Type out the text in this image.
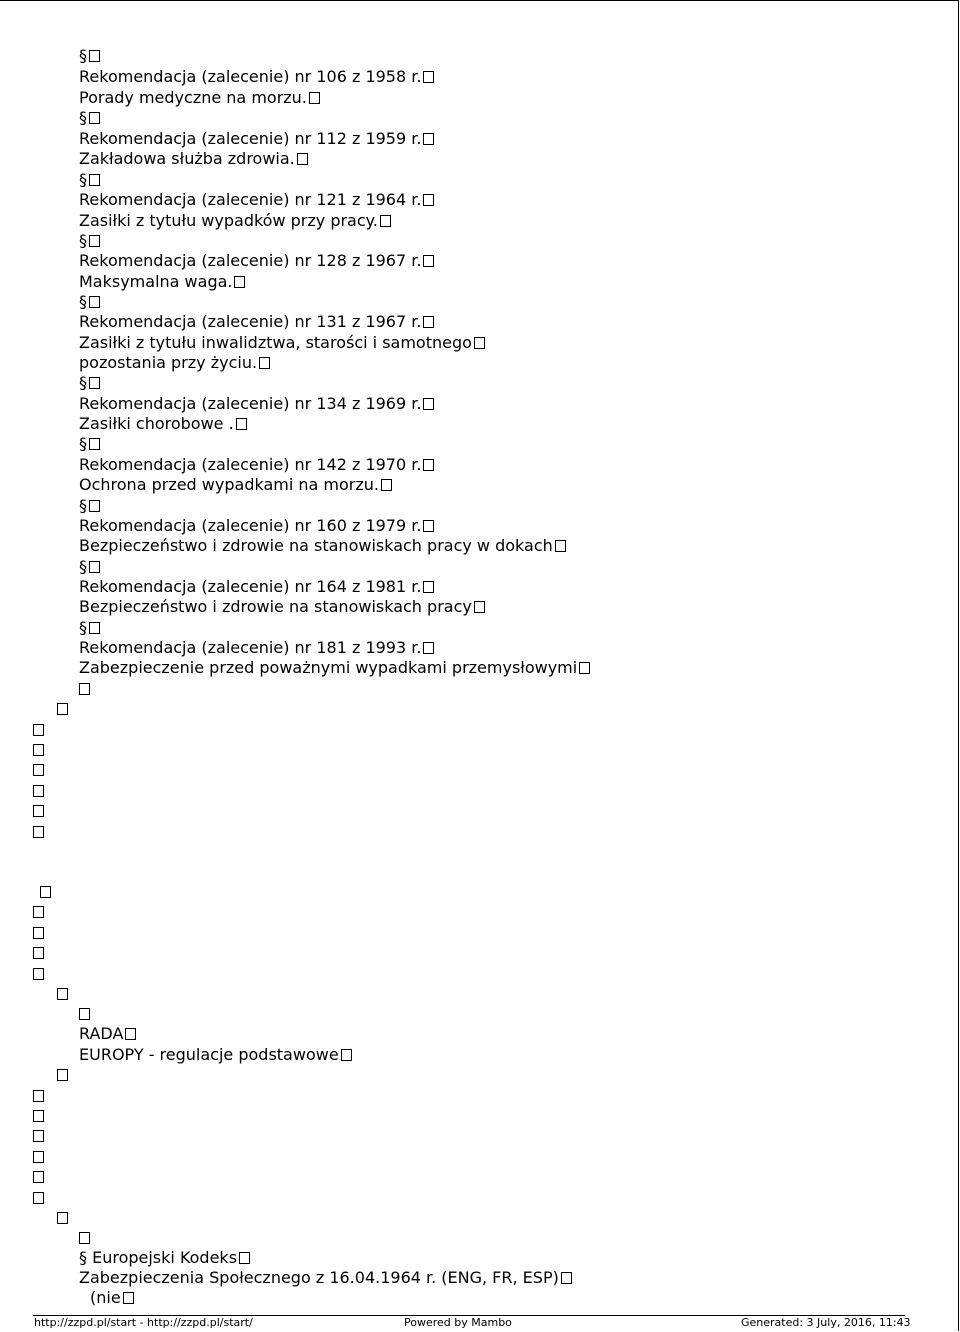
§
Rekomendacja (zalecenie) nr 106 z 1958 r.
Porady medyczne na morzu.
§
Rekomendacja (zalecenie) nr 112 z 1959 r.
Zakładowa służba zdrowia.
§
Rekomendacja (zalecenie) nr 121 z 1964 r.
Zasiłki z tytułu wypadków przy pracy.
§
Rekomendacja (zalecenie) nr 128 z 1967 r.
Maksymalna waga.
§
Rekomendacja (zalecenie) nr 131 z 1967 r.
Zasiłki z tytułu inwalidztwa, starości i samotnego
pozostania przy życiu.
§
Rekomendacja (zalecenie) nr 134 z 1969 r.
Zasiłki chorobowe .
§
Rekomendacja (zalecenie) nr 142 z 1970 r.
Ochrona przed wypadkami na morzu.
§
Rekomendacja (zalecenie) nr 160 z 1979 r.
Bezpieczeństwo i zdrowie na stanowiskach pracy w dokach
§
Rekomendacja (zalecenie) nr 164 z 1981 r.
Bezpieczeństwo i zdrowie na stanowiskach pracy
§
Rekomendacja (zalecenie) nr 181 z 1993 r.
Zabezpieczenie przed poważnymi wypadkami przemysłowymi
RADA
EUROPY - regulacje podstawowe
§ Europejski Kodeks
Zabezpieczenia Społecznego z 16.04.1964 r. (ENG, FR, ESP)
(nie
http://zzpd.pl/start - http://zzpd.pl/start/	Powered by Mambo	Generated: 3 July, 2016, 11:43
